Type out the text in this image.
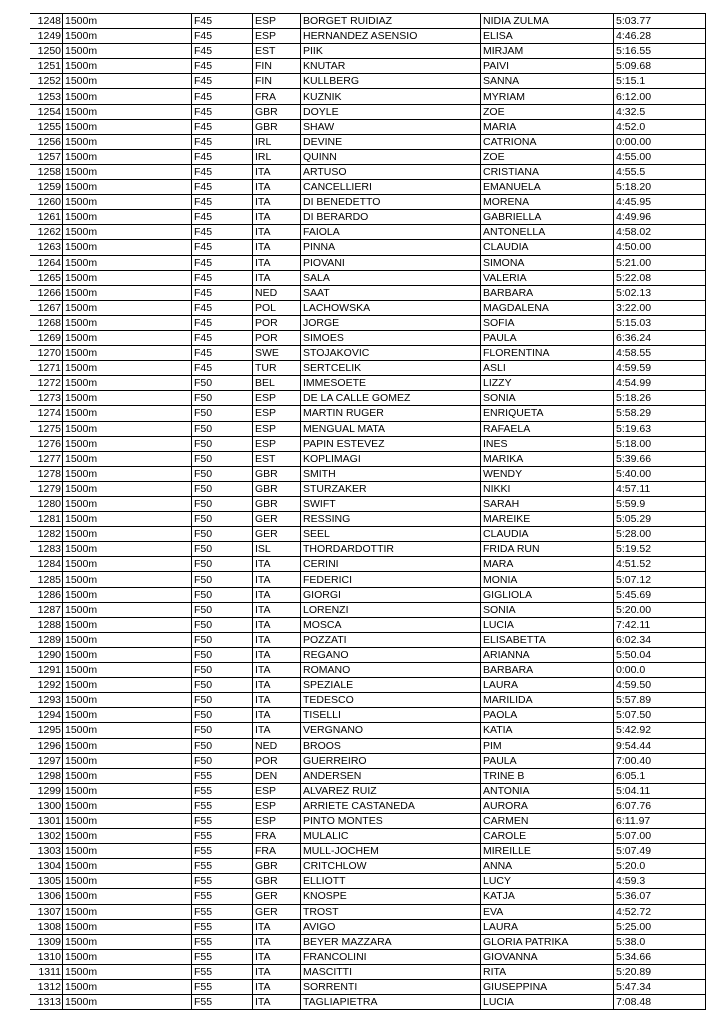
1248	1500m	F45	ESP	BORGET RUIDIAZ	NIDIA ZULMA	5:03.77
1249	1500m	F45	ESP	HERNANDEZ ASENSIO	ELISA	4:46.28
1250	1500m	F45	EST	PIIK	MIRJAM	5:16.55
1251	1500m	F45	FIN	KNUTAR	PAIVI	5:09.68
1252	1500m	F45	FIN	KULLBERG	SANNA	5:15.1
1253	1500m	F45	FRA	KUZNIK	MYRIAM	6:12.00
1254	1500m	F45	GBR	DOYLE	ZOE	4:32.5
1255	1500m	F45	GBR	SHAW	MARIA	4:52.0
1256	1500m	F45	IRL	DEVINE	CATRIONA	0:00.00
1257	1500m	F45	IRL	QUINN	ZOE	4:55.00
1258	1500m	F45	ITA	ARTUSO	CRISTIANA	4:55.5
1259	1500m	F45	ITA	CANCELLIERI	EMANUELA	5:18.20
1260	1500m	F45	ITA	DI BENEDETTO	MORENA	4:45.95
1261	1500m	F45	ITA	DI BERARDO	GABRIELLA	4:49.96
1262	1500m	F45	ITA	FAIOLA	ANTONELLA	4:58.02
1263	1500m	F45	ITA	PINNA	CLAUDIA	4:50.00
1264	1500m	F45	ITA	PIOVANI	SIMONA	5:21.00
1265	1500m	F45	ITA	SALA	VALERIA	5:22.08
1266	1500m	F45	NED	SAAT	BARBARA	5:02.13
1267	1500m	F45	POL	LACHOWSKA	MAGDALENA	3:22.00
1268	1500m	F45	POR	JORGE	SOFIA	5:15.03
1269	1500m	F45	POR	SIMOES	PAULA	6:36.24
1270	1500m	F45	SWE	STOJAKOVIC	FLORENTINA	4:58.55
1271	1500m	F45	TUR	SERTCELIK	ASLI	4:59.59
1272	1500m	F50	BEL	IMMESOETE	LIZZY	4:54.99
1273	1500m	F50	ESP	DE LA CALLE GOMEZ	SONIA	5:18.26
1274	1500m	F50	ESP	MARTIN RUGER	ENRIQUETA	5:58.29
1275	1500m	F50	ESP	MENGUAL MATA	RAFAELA	5:19.63
1276	1500m	F50	ESP	PAPIN ESTEVEZ	INES	5:18.00
1277	1500m	F50	EST	KOPLIMAGI	MARIKA	5:39.66
1278	1500m	F50	GBR	SMITH	WENDY	5:40.00
1279	1500m	F50	GBR	STURZAKER	NIKKI	4:57.11
1280	1500m	F50	GBR	SWIFT	SARAH	5:59.9
1281	1500m	F50	GER	RESSING	MAREIKE	5:05.29
1282	1500m	F50	GER	SEEL	CLAUDIA	5:28.00
1283	1500m	F50	ISL	THORDARDOTTIR	FRIDA RUN	5:19.52
1284	1500m	F50	ITA	CERINI	MARA	4:51.52
1285	1500m	F50	ITA	FEDERICI	MONIA	5:07.12
1286	1500m	F50	ITA	GIORGI	GIGLIOLA	5:45.69
1287	1500m	F50	ITA	LORENZI	SONIA	5:20.00
1288	1500m	F50	ITA	MOSCA	LUCIA	7:42.11
1289	1500m	F50	ITA	POZZATI	ELISABETTA	6:02.34
1290	1500m	F50	ITA	REGANO	ARIANNA	5:50.04
1291	1500m	F50	ITA	ROMANO	BARBARA	0:00.0
1292	1500m	F50	ITA	SPEZIALE	LAURA	4:59.50
1293	1500m	F50	ITA	TEDESCO	MARILIDA	5:57.89
1294	1500m	F50	ITA	TISELLI	PAOLA	5:07.50
1295	1500m	F50	ITA	VERGNANO	KATIA	5:42.92
1296	1500m	F50	NED	BROOS	PIM	9:54.44
1297	1500m	F50	POR	GUERREIRO	PAULA	7:00.40
1298	1500m	F55	DEN	ANDERSEN	TRINE B	6:05.1
1299	1500m	F55	ESP	ALVAREZ RUIZ	ANTONIA	5:04.11
1300	1500m	F55	ESP	ARRIETE CASTANEDA	AURORA	6:07.76
1301	1500m	F55	ESP	PINTO MONTES	CARMEN	6:11.97
1302	1500m	F55	FRA	MULALIC	CAROLE	5:07.00
1303	1500m	F55	FRA	MULL-JOCHEM	MIREILLE	5:07.49
1304	1500m	F55	GBR	CRITCHLOW	ANNA	5:20.0
1305	1500m	F55	GBR	ELLIOTT	LUCY	4:59.3
1306	1500m	F55	GER	KNOSPE	KATJA	5:36.07
1307	1500m	F55	GER	TROST	EVA	4:52.72
1308	1500m	F55	ITA	AVIGO	LAURA	5:25.00
1309	1500m	F55	ITA	BEYER MAZZARA	GLORIA PATRIKA	5:38.0
1310	1500m	F55	ITA	FRANCOLINI	GIOVANNA	5:34.66
1311	1500m	F55	ITA	MASCITTI	RITA	5:20.89
1312	1500m	F55	ITA	SORRENTI	GIUSEPPINA	5:47.34
1313	1500m	F55	ITA	TAGLIAPIETRA	LUCIA	7:08.48
